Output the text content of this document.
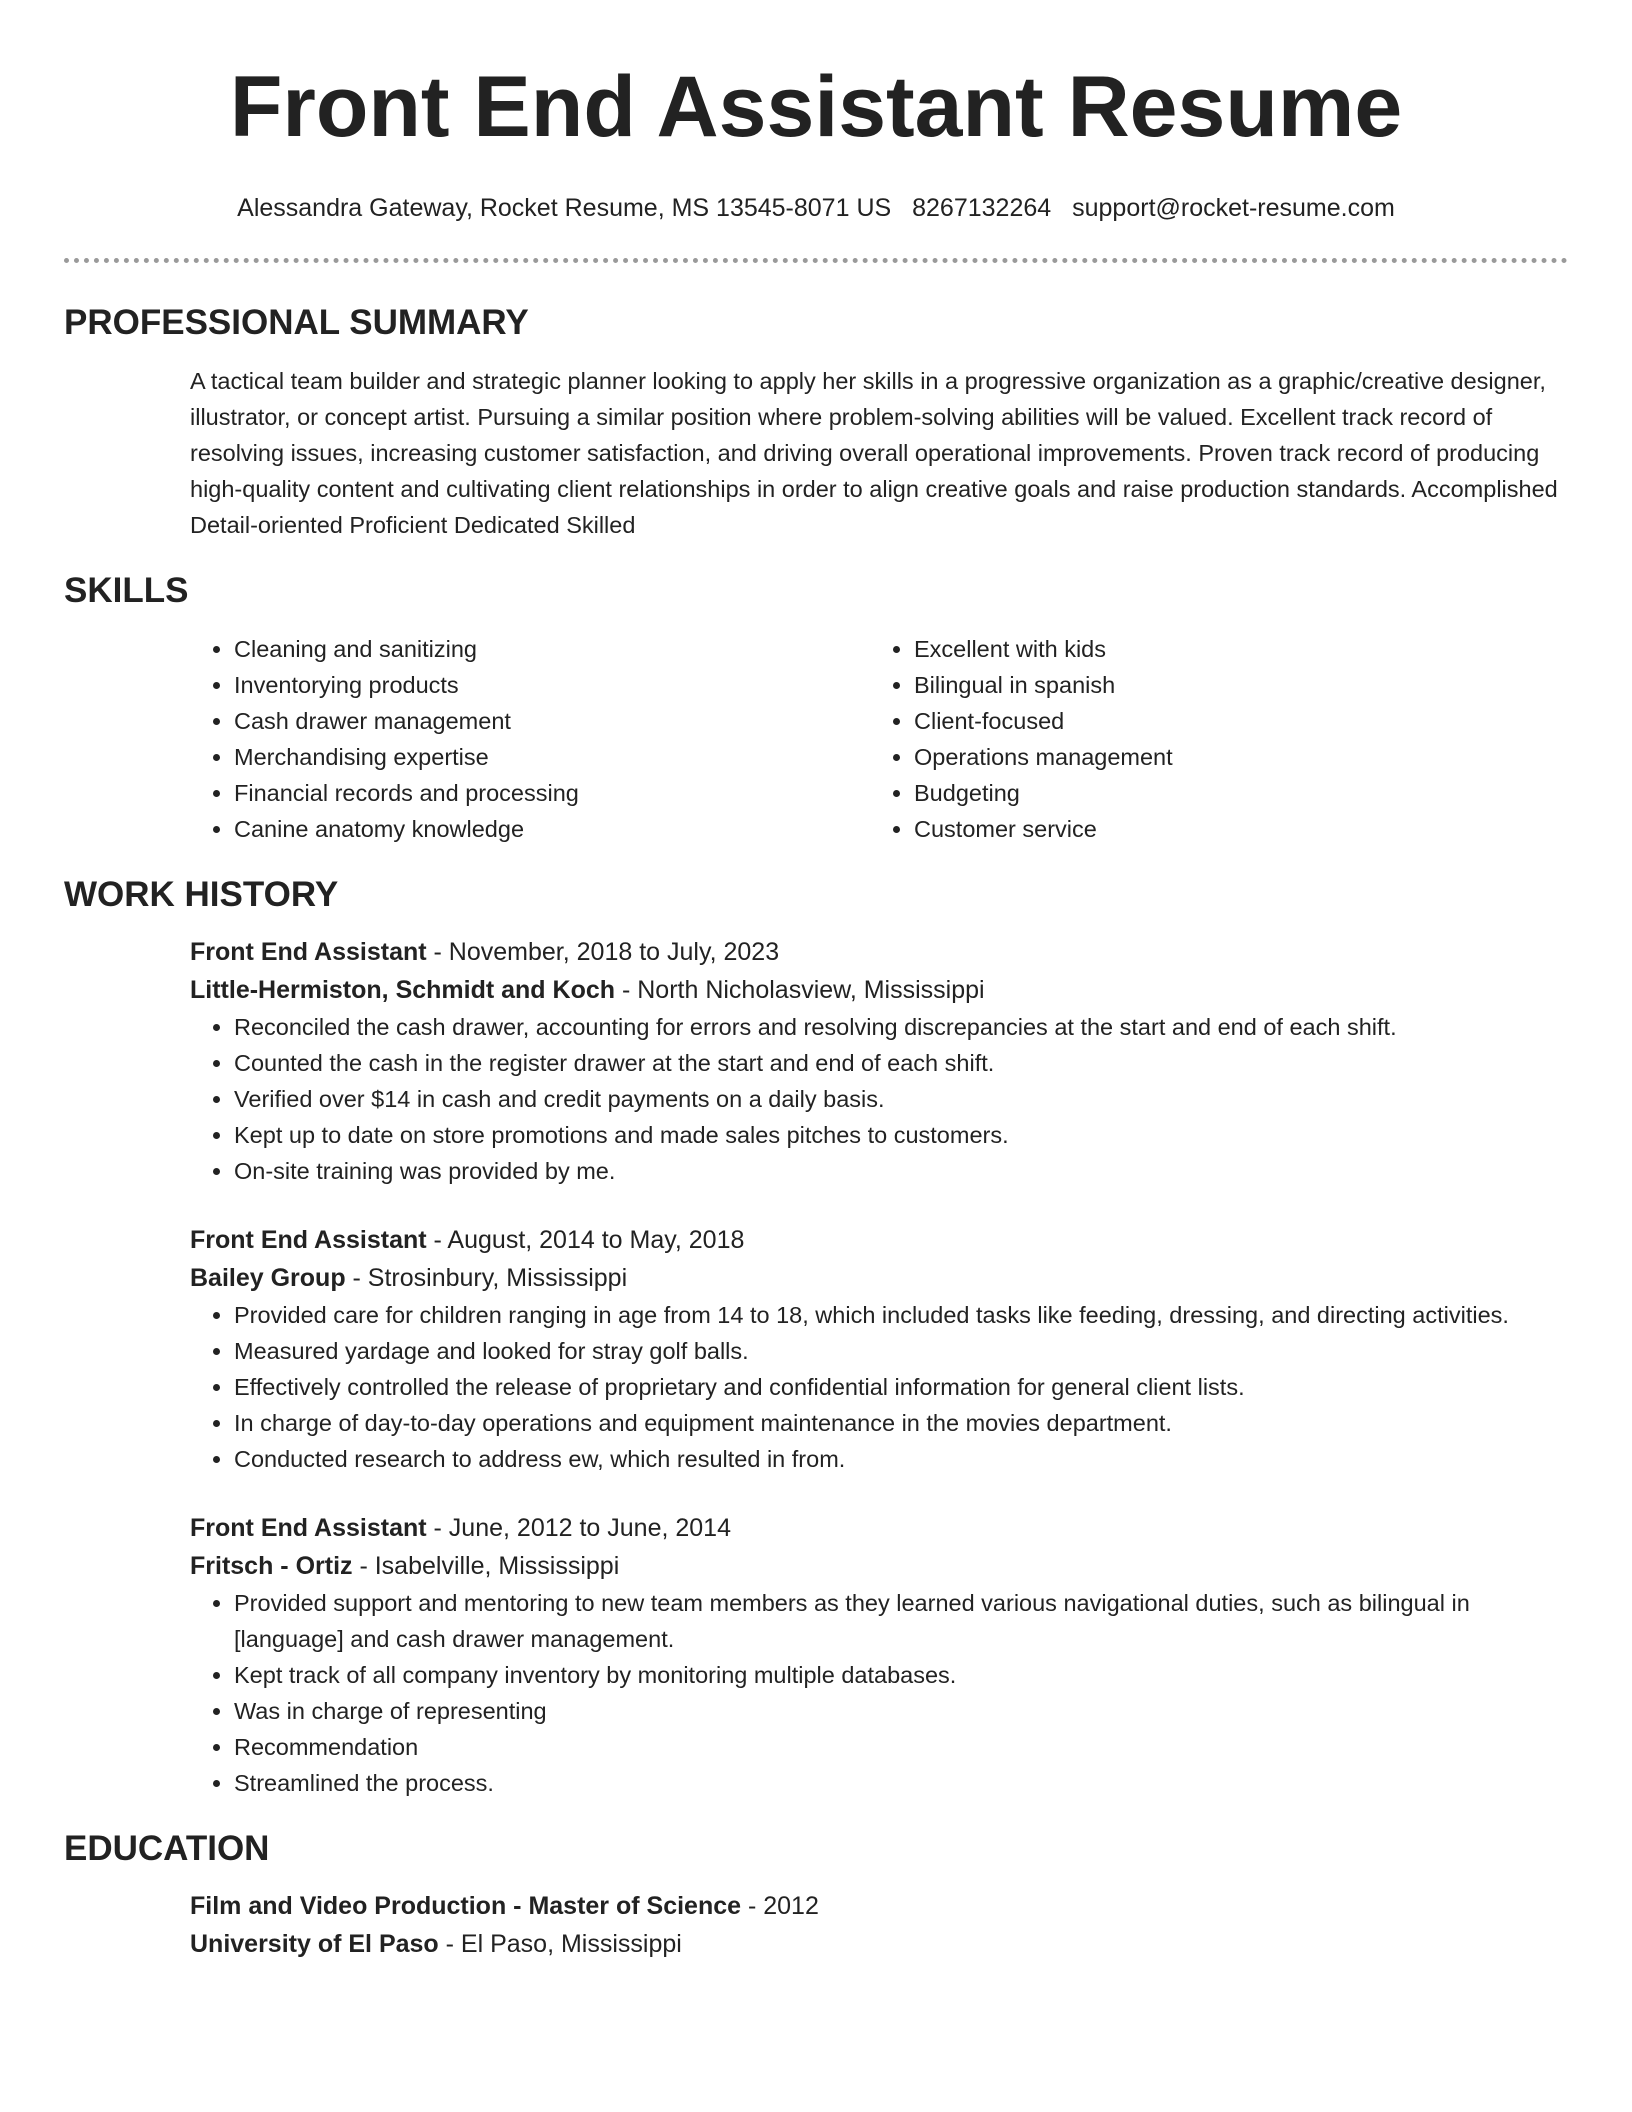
Front End Assistant Resume
Alessandra Gateway, Rocket Resume, MS 13545-8071 US 8267132264 support@rocket-resume.com
PROFESSIONAL SUMMARY
A tactical team builder and strategic planner looking to apply her skills in a progressive organization as a graphic/creative designer, illustrator, or concept artist. Pursuing a similar position where problem-solving abilities will be valued. Excellent track record of resolving issues, increasing customer satisfaction, and driving overall operational improvements. Proven track record of producing high-quality content and cultivating client relationships in order to align creative goals and raise production standards. Accomplished Detail-oriented Proficient Dedicated Skilled
SKILLS
• Cleaning and sanitizing
• Inventorying products
• Cash drawer management
• Merchandising expertise
• Financial records and processing
• Canine anatomy knowledge
• Excellent with kids
• Bilingual in spanish
• Client-focused
• Operations management
• Budgeting
• Customer service
WORK HISTORY
Front End Assistant - November, 2018 to July, 2023
Little-Hermiston, Schmidt and Koch - North Nicholasview, Mississippi
• Reconciled the cash drawer, accounting for errors and resolving discrepancies at the start and end of each shift.
• Counted the cash in the register drawer at the start and end of each shift.
• Verified over $14 in cash and credit payments on a daily basis.
• Kept up to date on store promotions and made sales pitches to customers.
• On-site training was provided by me.
Front End Assistant - August, 2014 to May, 2018
Bailey Group - Strosinbury, Mississippi
• Provided care for children ranging in age from 14 to 18, which included tasks like feeding, dressing, and directing activities.
• Measured yardage and looked for stray golf balls.
• Effectively controlled the release of proprietary and confidential information for general client lists.
• In charge of day-to-day operations and equipment maintenance in the movies department.
• Conducted research to address ew, which resulted in from.
Front End Assistant - June, 2012 to June, 2014
Fritsch - Ortiz - Isabelville, Mississippi
• Provided support and mentoring to new team members as they learned various navigational duties, such as bilingual in [language] and cash drawer management.
• Kept track of all company inventory by monitoring multiple databases.
• Was in charge of representing
• Recommendation
• Streamlined the process.
EDUCATION
Film and Video Production - Master of Science - 2012
University of El Paso - El Paso, Mississippi
